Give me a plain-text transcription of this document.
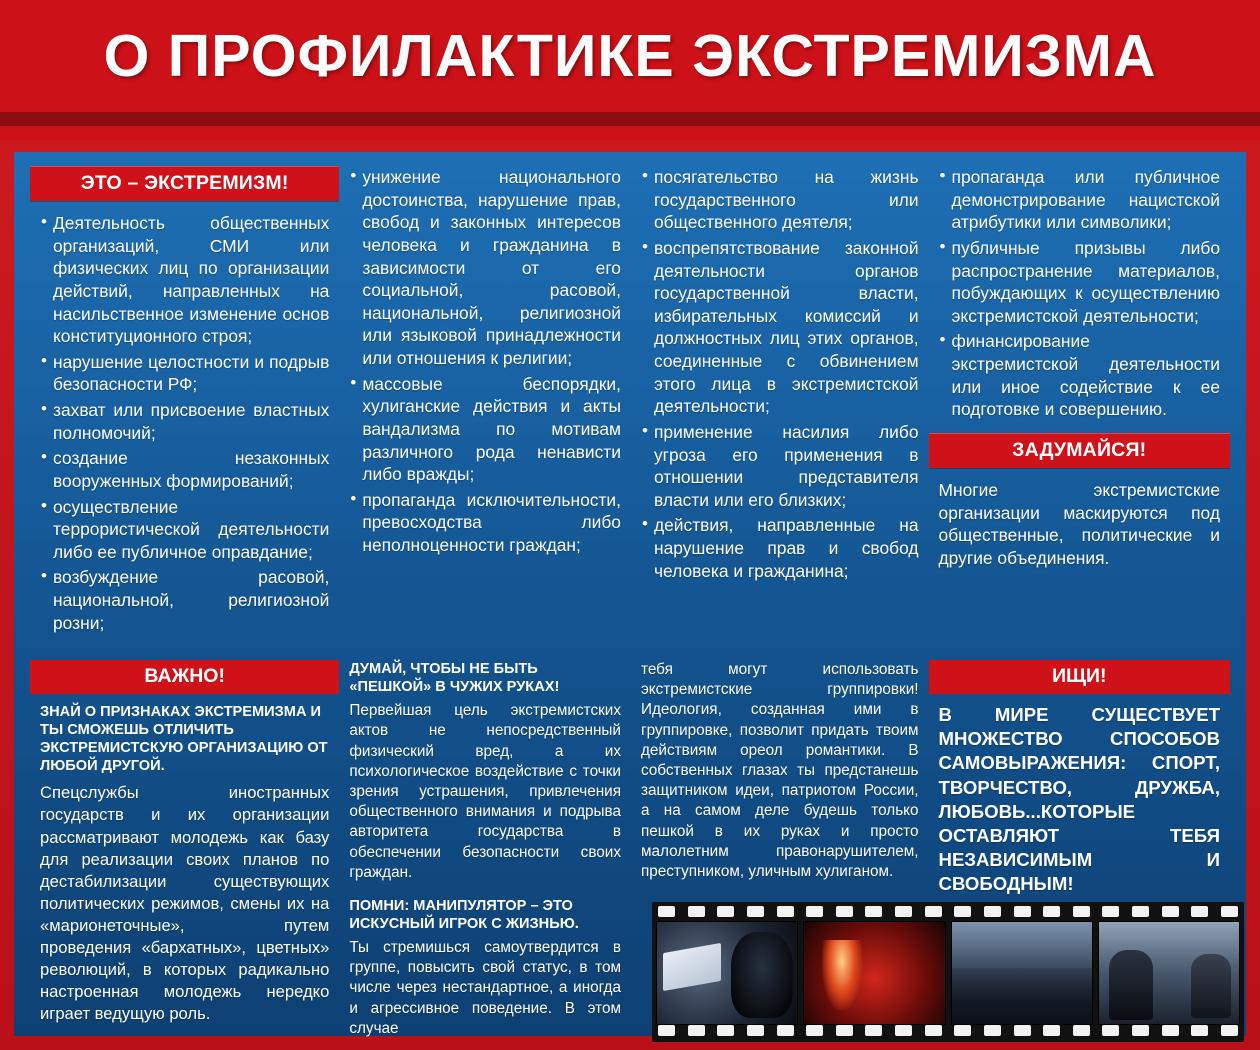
О ПРОФИЛАКТИКЕ ЭКСТРЕМИЗМА
ЭТО – ЭКСТРЕМИЗМ!
• Деятельность общественных организаций, СМИ или физических лиц по организации действий, направленных на насильственное изменение основ конституционного строя;
• нарушение целостности и подрыв безопасности РФ;
• захват или присвоение властных полномочий;
• создание незаконных вооруженных формирований;
• осуществление террористической деятельности либо ее публичное оправдание;
• возбуждение расовой, национальной, религиозной розни;
• унижение национального достоинства, нарушение прав, свобод и законных интересов человека и гражданина в зависимости от его социальной, расовой, национальной, религиозной или языковой принадлежности или отношения к религии;
• массовые беспорядки, хулиганские действия и акты вандализма по мотивам различного рода ненависти либо вражды;
• пропаганда исключительности, превосходства либо неполноценности граждан;
• посягательство на жизнь государственного или общественного деятеля;
• воспрепятствование законной деятельности органов государственной власти, избирательных комиссий и должностных лиц этих органов, соединенные с обвинением этого лица в экстремистской деятельности;
• применение насилия либо угроза его применения в отношении представителя власти или его близких;
• действия, направленные на нарушение прав и свобод человека и гражданина;
• пропаганда или публичное демонстрирование нацистской атрибутики или символики;
• публичные призывы либо распространение материалов, побуждающих к осуществлению экстремистской деятельности;
• финансирование экстремистской деятельности или иное содействие к ее подготовке и совершению.
ЗАДУМАЙСЯ!

Многие экстремистские организации маскируются под общественные, политические и другие объединения.

ВАЖНО!

ЗНАЙ О ПРИЗНАКАХ ЭКСТРЕМИЗМА И ТЫ СМОЖЕШЬ ОТЛИЧИТЬ ЭКСТРЕМИСТСКУЮ ОРГАНИЗАЦИЮ ОТ ЛЮБОЙ ДРУГОЙ.

Спецслужбы иностранных государств и их организации рассматривают молодежь как базу для реализации своих планов по дестабилизации существующих политических режимов, смены их на «марионеточные», путем проведения «бархатных», цветных» революций, в которых радикально настроенная молодежь нередко играет ведущую роль.

ДУМАЙ, ЧТОБЫ НЕ БЫТЬ «ПЕШКОЙ» В ЧУЖИХ РУКАХ!

Первейшая цель экстремистских актов не непосредственный физический вред, а их психологическое воздействие с точки зрения устрашения, привлечения общественного внимания и подрыва авторитета государства в обеспечении безопасности своих граждан.

ПОМНИ: МАНИПУЛЯТОР – ЭТО ИСКУСНЫЙ ИГРОК С ЖИЗНЬЮ.

Ты стремишься самоутвердится в группе, повысить свой статус, в том числе через нестандартное, а иногда и агрессивное поведение. В этом случае

тебя могут использовать экстремистские группировки! Идеология, созданная ими в группировке, позволит придать твоим действиям ореол романтики. В собственных глазах ты предстанешь защитником идеи, патриотом России, а на самом деле будешь только пешкой в их руках и просто малолетним правонарушителем, преступником, уличным хулиганом.

ИЩИ!

В МИРЕ СУЩЕСТВУЕТ МНОЖЕСТВО СПОСОБОВ САМОВЫРАЖЕНИЯ: СПОРТ, ТВОРЧЕСТВО, ДРУЖБА, ЛЮБОВЬ...КОТОРЫЕ ОСТАВЛЯЮТ ТЕБЯ НЕЗАВИСИМЫМ И СВОБОДНЫМ!
